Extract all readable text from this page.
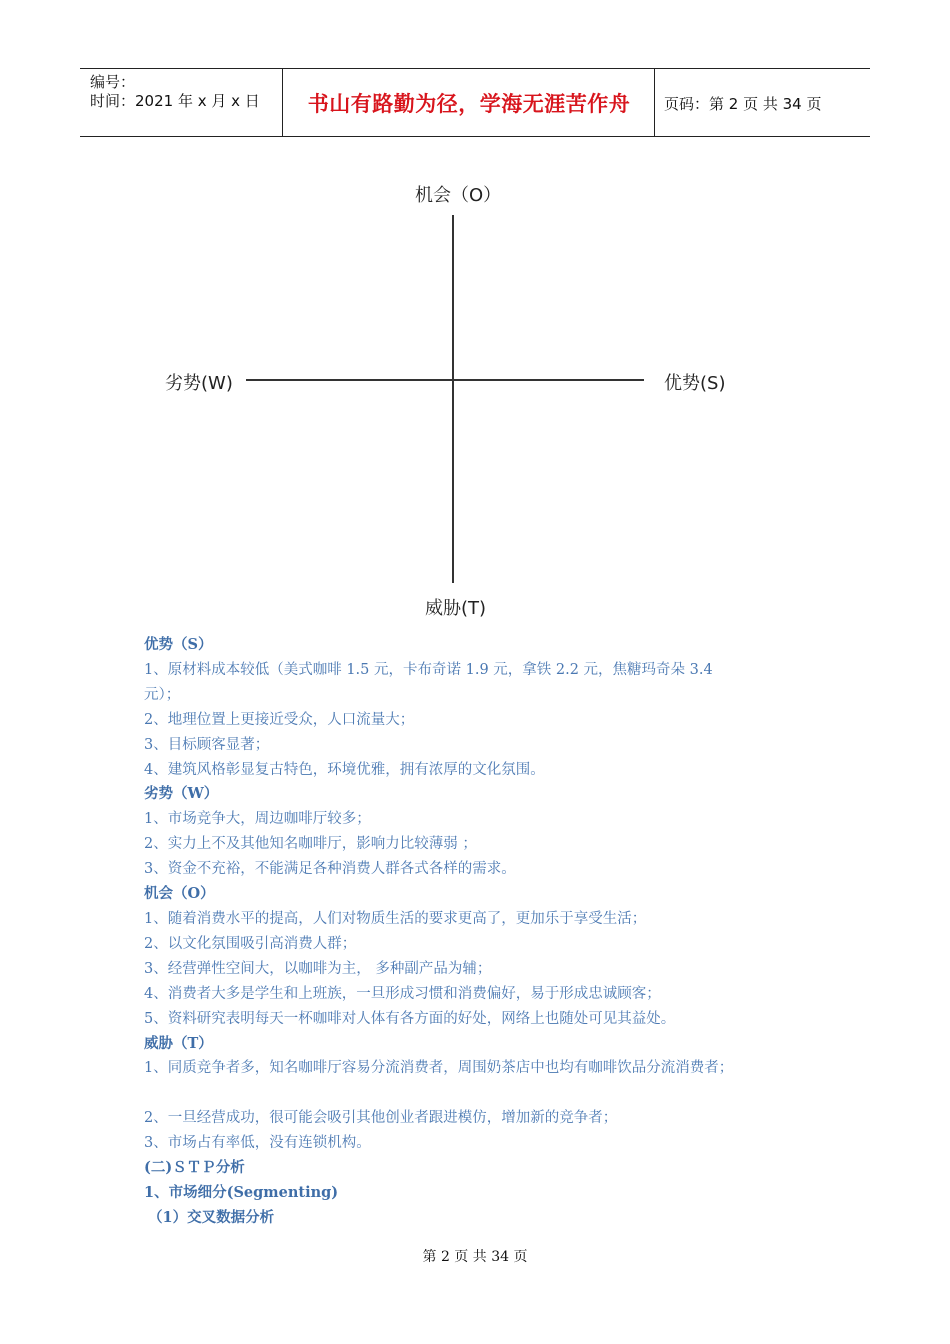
编号：
时间：2021 年 x 月 x 日	书山有路勤为径，学海无涯苦作舟	页码：第 2 页 共 34 页
机会（O）
劣势(W)	优势(S)
威胁(T)

优势（S）

1、原材料成本较低（美式咖啡 1.5 元，卡布奇诺 1.9 元，拿铁 2.2 元，焦糖玛奇朵 3.4

元）；

2、地理位置上更接近受众，人口流量大；

3、目标顾客显著；

4、建筑风格彰显复古特色，环境优雅，拥有浓厚的文化氛围。

劣势（W）

1、市场竞争大，周边咖啡厅较多；

2、实力上不及其他知名咖啡厅，影响力比较薄弱 ；

3、资金不充裕，不能满足各种消费人群各式各样的需求。

机会（O）

1、随着消费水平的提高，人们对物质生活的要求更高了，更加乐于享受生活；

2、以文化氛围吸引高消费人群；

3、经营弹性空间大，以咖啡为主， 多种副产品为辅；

4、消费者大多是学生和上班族，一旦形成习惯和消费偏好，易于形成忠诚顾客；

5、资料研究表明每天一杯咖啡对人体有各方面的好处，网络上也随处可见其益处。

威胁（T）

1、同质竞争者多，知名咖啡厅容易分流消费者，周围奶茶店中也均有咖啡饮品分流消费者；

2、一旦经营成功，很可能会吸引其他创业者跟进模仿，增加新的竞争者；

3、市场占有率低，没有连锁机构。

(二)ＳＴＰ分析

1、市场细分(Segmenting)

（1）交叉数据分析

第 2 页 共 34 页
